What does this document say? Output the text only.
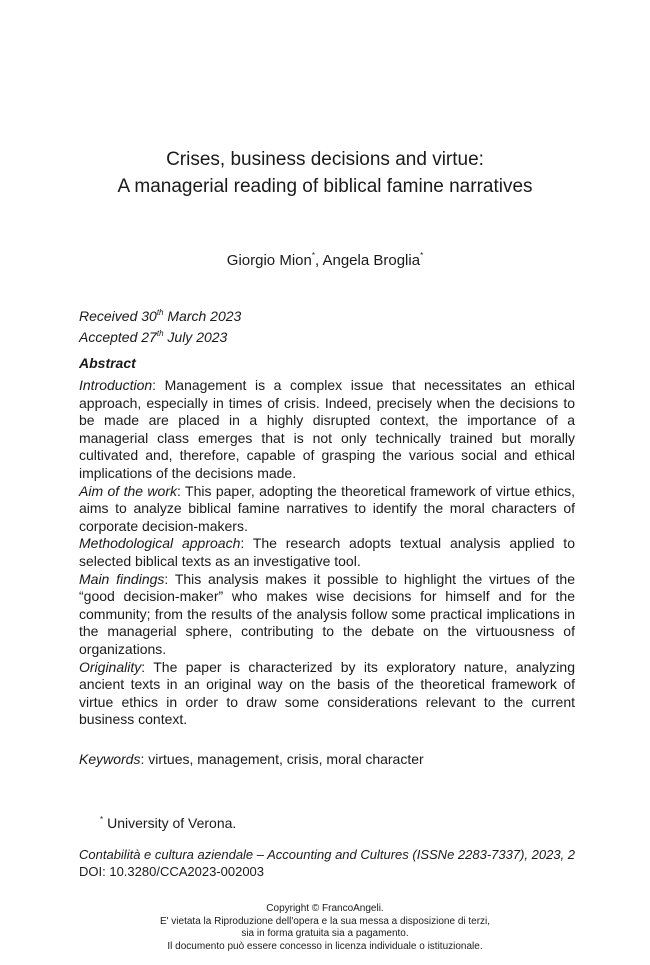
Crises, business decisions and virtue:
A managerial reading of biblical famine narratives
Giorgio Mion*, Angela Broglia*
Received 30th March 2023
Accepted 27th July 2023
Abstract

Introduction: Management is a complex issue that necessitates an ethical approach, especially in times of crisis. Indeed, precisely when the decisions to be made are placed in a highly disrupted context, the importance of a managerial class emerges that is not only technically trained but morally cultivated and, therefore, capable of grasping the various social and ethical implications of the decisions made.

Aim of the work: This paper, adopting the theoretical framework of virtue ethics, aims to analyze biblical famine narratives to identify the moral characters of corporate decision-makers.

Methodological approach: The research adopts textual analysis applied to selected biblical texts as an investigative tool.

Main findings: This analysis makes it possible to highlight the virtues of the “good decision-maker” who makes wise decisions for himself and for the community; from the results of the analysis follow some practical implications in the managerial sphere, contributing to the debate on the virtuousness of organizations.

Originality: The paper is characterized by its exploratory nature, analyzing ancient texts in an original way on the basis of the theoretical framework of virtue ethics in order to draw some considerations relevant to the current business context.

Keywords: virtues, management, crisis, moral character
* University of Verona.
Contabilità e cultura aziendale – Accounting and Cultures (ISSNe 2283-7337), 2023, 2
DOI: 10.3280/CCA2023-002003
Copyright © FrancoAngeli.
E' vietata la Riproduzione dell'opera e la sua messa a disposizione di terzi,
sia in forma gratuita sia a pagamento.
Il documento può essere concesso in licenza individuale o istituzionale.
